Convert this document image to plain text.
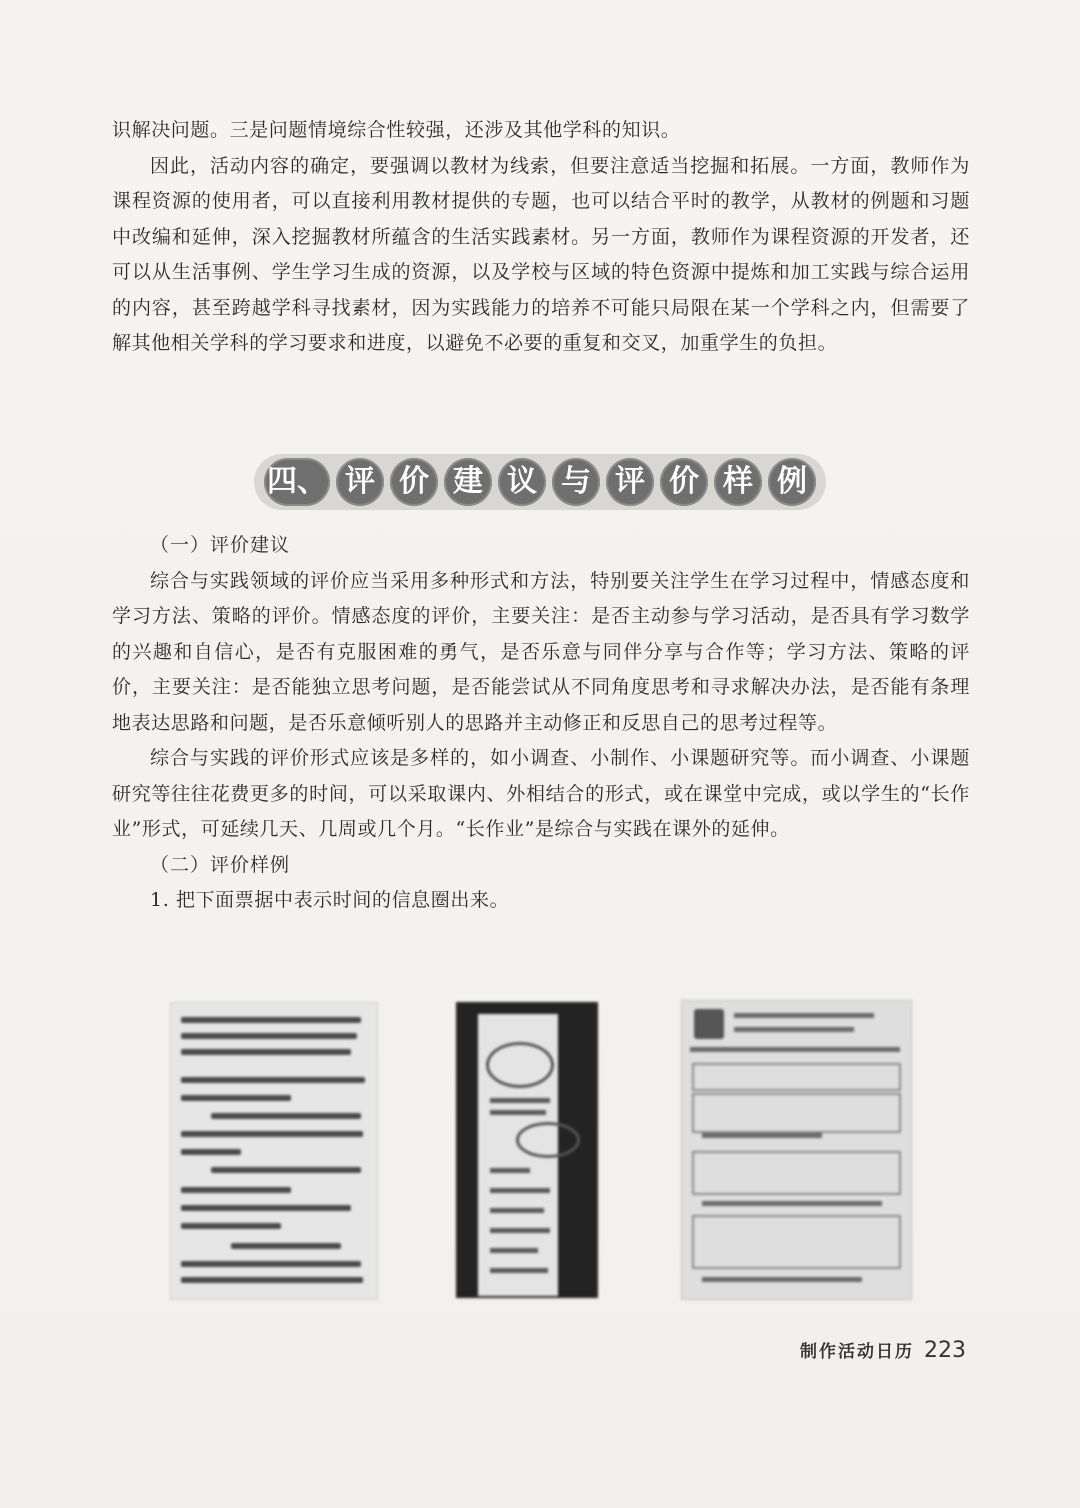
识解决问题。三是问题情境综合性较强，还涉及其他学科的知识。

因此，活动内容的确定，要强调以教材为线索，但要注意适当挖掘和拓展。一方面，教师作为课程资源的使用者，可以直接利用教材提供的专题，也可以结合平时的教学，从教材的例题和习题中改编和延伸，深入挖掘教材所蕴含的生活实践素材。另一方面，教师作为课程资源的开发者，还可以从生活事例、学生学习生成的资源，以及学校与区域的特色资源中提炼和加工实践与综合运用的内容，甚至跨越学科寻找素材，因为实践能力的培养不可能只局限在某一个学科之内，但需要了解其他相关学科的学习要求和进度，以避免不必要的重复和交叉，加重学生的负担。

四、 评 价 建 议 与 评 价 样 例

（一）评价建议

综合与实践领域的评价应当采用多种形式和方法，特别要关注学生在学习过程中，情感态度和学习方法、策略的评价。情感态度的评价，主要关注：是否主动参与学习活动，是否具有学习数学的兴趣和自信心，是否有克服困难的勇气，是否乐意与同伴分享与合作等；学习方法、策略的评价，主要关注：是否能独立思考问题，是否能尝试从不同角度思考和寻求解决办法，是否能有条理地表达思路和问题，是否乐意倾听别人的思路并主动修正和反思自己的思考过程等。

综合与实践的评价形式应该是多样的，如小调查、小制作、小课题研究等。而小调查、小课题研究等往往花费更多的时间，可以采取课内、外相结合的形式，或在课堂中完成，或以学生的“长作业”形式，可延续几天、几周或几个月。“长作业”是综合与实践在课外的延伸。

（二）评价样例

1. 把下面票据中表示时间的信息圈出来。

制作活动日历 223
